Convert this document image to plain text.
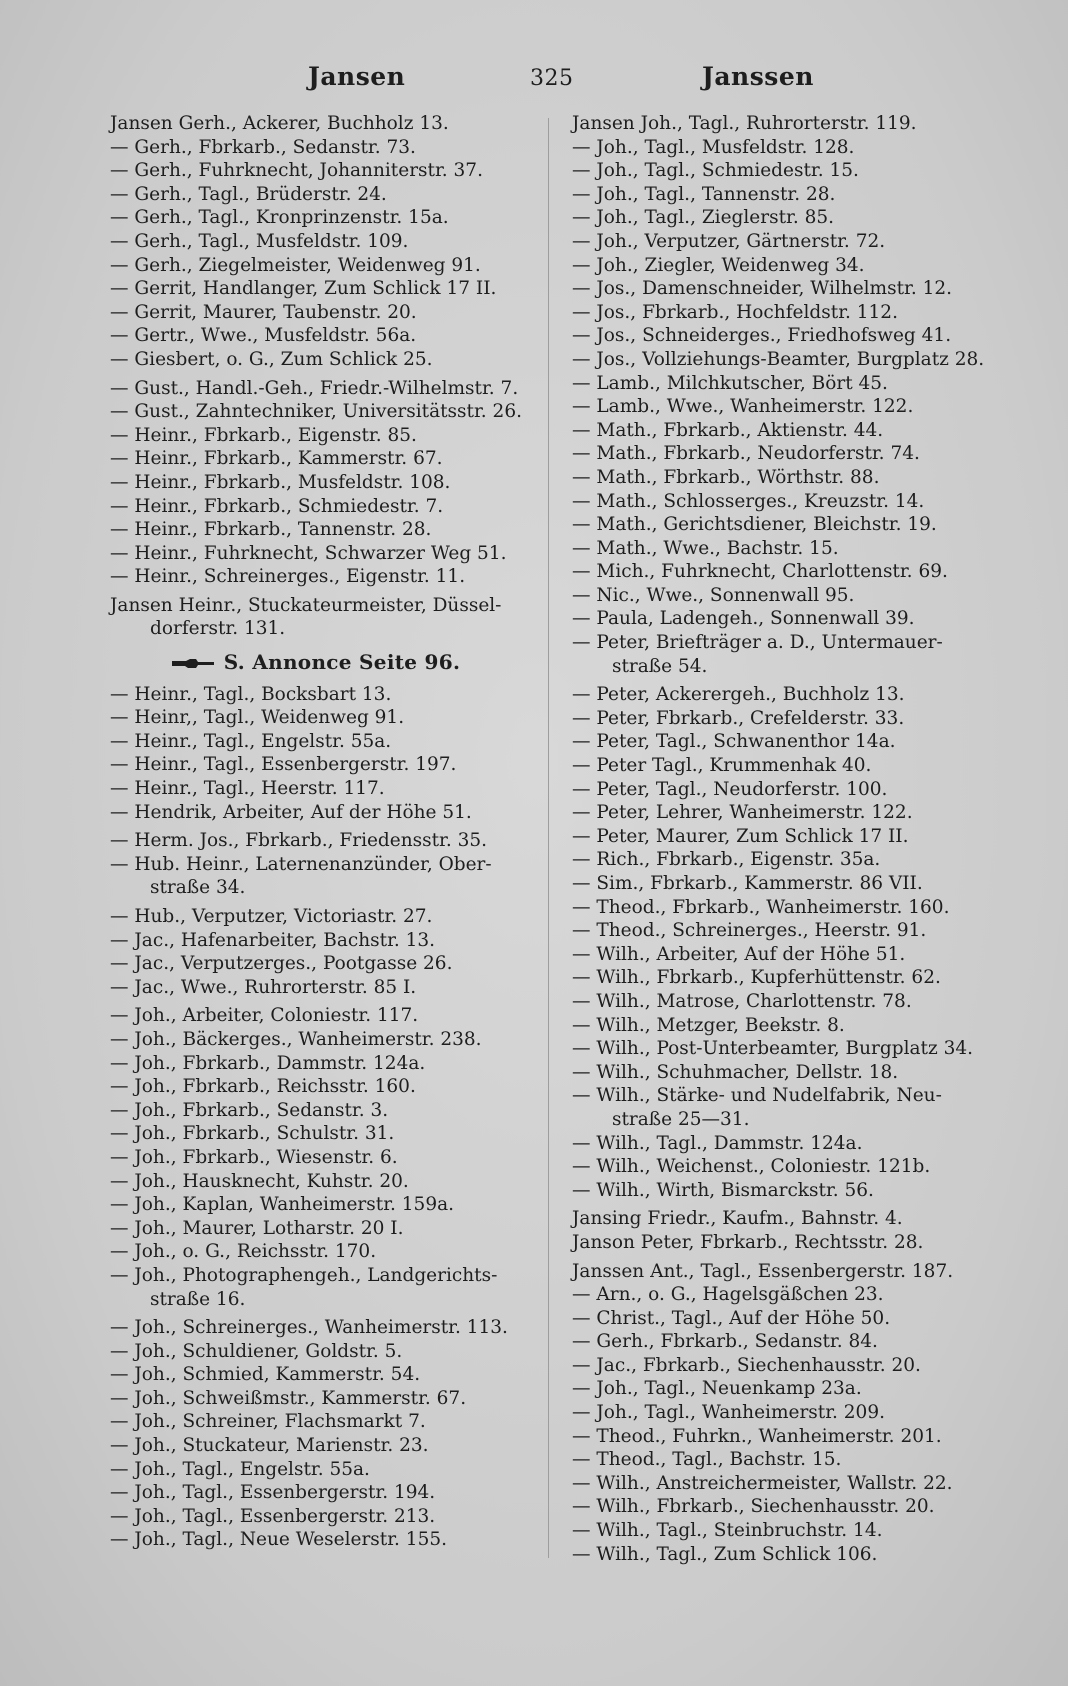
Jansen	325	Janssen
Jansen Gerh., Ackerer, Buchholz 13.
— Gerh., Fbrkarb., Sedanstr. 73.
— Gerh., Fuhrknecht, Johanniterstr. 37.
— Gerh., Tagl., Brüderstr. 24.
— Gerh., Tagl., Kronprinzenstr. 15a.
— Gerh., Tagl., Musfeldstr. 109.
— Gerh., Ziegelmeister, Weidenweg 91.
— Gerrit, Handlanger, Zum Schlick 17 II.
— Gerrit, Maurer, Taubenstr. 20.
— Gertr., Wwe., Musfeldstr. 56a.
— Giesbert, o. G., Zum Schlick 25.
— Gust., Handl.-Geh., Friedr.-Wilhelmstr. 7.
— Gust., Zahntechniker, Universitätsstr. 26.
— Heinr., Fbrkarb., Eigenstr. 85.
— Heinr., Fbrkarb., Kammerstr. 67.
— Heinr., Fbrkarb., Musfeldstr. 108.
— Heinr., Fbrkarb., Schmiedestr. 7.
— Heinr., Fbrkarb., Tannenstr. 28.
— Heinr., Fuhrknecht, Schwarzer Weg 51.
— Heinr., Schreinerges., Eigenstr. 11.
Jansen Heinr., Stuckateurmeister, Düssel-
dorferstr. 131.
S. Annonce Seite 96.
— Heinr., Tagl., Bocksbart 13.
— Heinr,, Tagl., Weidenweg 91.
— Heinr., Tagl., Engelstr. 55a.
— Heinr., Tagl., Essenbergerstr. 197.
— Heinr., Tagl., Heerstr. 117.
— Hendrik, Arbeiter, Auf der Höhe 51.
— Herm. Jos., Fbrkarb., Friedensstr. 35.
— Hub. Heinr., Laternenanzünder, Ober-
straße 34.
— Hub., Verputzer, Victoriastr. 27.
— Jac., Hafenarbeiter, Bachstr. 13.
— Jac., Verputzerges., Pootgasse 26.
— Jac., Wwe., Ruhrorterstr. 85 I.
— Joh., Arbeiter, Coloniestr. 117.
— Joh., Bäckerges., Wanheimerstr. 238.
— Joh., Fbrkarb., Dammstr. 124a.
— Joh., Fbrkarb., Reichsstr. 160.
— Joh., Fbrkarb., Sedanstr. 3.
— Joh., Fbrkarb., Schulstr. 31.
— Joh., Fbrkarb., Wiesenstr. 6.
— Joh., Hausknecht, Kuhstr. 20.
— Joh., Kaplan, Wanheimerstr. 159a.
— Joh., Maurer, Lotharstr. 20 I.
— Joh., o. G., Reichsstr. 170.
— Joh., Photographengeh., Landgerichts-
straße 16.
— Joh., Schreinerges., Wanheimerstr. 113.
— Joh., Schuldiener, Goldstr. 5.
— Joh., Schmied, Kammerstr. 54.
— Joh., Schweißmstr., Kammerstr. 67.
— Joh., Schreiner, Flachsmarkt 7.
— Joh., Stuckateur, Marienstr. 23.
— Joh., Tagl., Engelstr. 55a.
— Joh., Tagl., Essenbergerstr. 194.
— Joh., Tagl., Essenbergerstr. 213.
— Joh., Tagl., Neue Weselerstr. 155.
Jansen Joh., Tagl., Ruhrorterstr. 119.
— Joh., Tagl., Musfeldstr. 128.
— Joh., Tagl., Schmiedestr. 15.
— Joh., Tagl., Tannenstr. 28.
— Joh., Tagl., Zieglerstr. 85.
— Joh., Verputzer, Gärtnerstr. 72.
— Joh., Ziegler, Weidenweg 34.
— Jos., Damenschneider, Wilhelmstr. 12.
— Jos., Fbrkarb., Hochfeldstr. 112.
— Jos., Schneiderges., Friedhofsweg 41.
— Jos., Vollziehungs-Beamter, Burgplatz 28.
— Lamb., Milchkutscher, Bört 45.
— Lamb., Wwe., Wanheimerstr. 122.
— Math., Fbrkarb., Aktienstr. 44.
— Math., Fbrkarb., Neudorferstr. 74.
— Math., Fbrkarb., Wörthstr. 88.
— Math., Schlosserges., Kreuzstr. 14.
— Math., Gerichtsdiener, Bleichstr. 19.
— Math., Wwe., Bachstr. 15.
— Mich., Fuhrknecht, Charlottenstr. 69.
— Nic., Wwe., Sonnenwall 95.
— Paula, Ladengeh., Sonnenwall 39.
— Peter, Briefträger a. D., Untermauer-
straße 54.
— Peter, Ackerergeh., Buchholz 13.
— Peter, Fbrkarb., Crefelderstr. 33.
— Peter, Tagl., Schwanenthor 14a.
— Peter Tagl., Krummenhak 40.
— Peter, Tagl., Neudorferstr. 100.
— Peter, Lehrer, Wanheimerstr. 122.
— Peter, Maurer, Zum Schlick 17 II.
— Rich., Fbrkarb., Eigenstr. 35a.
— Sim., Fbrkarb., Kammerstr. 86 VII.
— Theod., Fbrkarb., Wanheimerstr. 160.
— Theod., Schreinerges., Heerstr. 91.
— Wilh., Arbeiter, Auf der Höhe 51.
— Wilh., Fbrkarb., Kupferhüttenstr. 62.
— Wilh., Matrose, Charlottenstr. 78.
— Wilh., Metzger, Beekstr. 8.
— Wilh., Post-Unterbeamter, Burgplatz 34.
— Wilh., Schuhmacher, Dellstr. 18.
— Wilh., Stärke- und Nudelfabrik, Neu-
straße 25—31.
— Wilh., Tagl., Dammstr. 124a.
— Wilh., Weichenst., Coloniestr. 121b.
— Wilh., Wirth, Bismarckstr. 56.
Jansing Friedr., Kaufm., Bahnstr. 4.
Janson Peter, Fbrkarb., Rechtsstr. 28.
Janssen Ant., Tagl., Essenbergerstr. 187.
— Arn., o. G., Hagelsgäßchen 23.
— Christ., Tagl., Auf der Höhe 50.
— Gerh., Fbrkarb., Sedanstr. 84.
— Jac., Fbrkarb., Siechenhausstr. 20.
— Joh., Tagl., Neuenkamp 23a.
— Joh., Tagl., Wanheimerstr. 209.
— Theod., Fuhrkn., Wanheimerstr. 201.
— Theod., Tagl., Bachstr. 15.
— Wilh., Anstreichermeister, Wallstr. 22.
— Wilh., Fbrkarb., Siechenhausstr. 20.
— Wilh., Tagl., Steinbruchstr. 14.
— Wilh., Tagl., Zum Schlick 106.
